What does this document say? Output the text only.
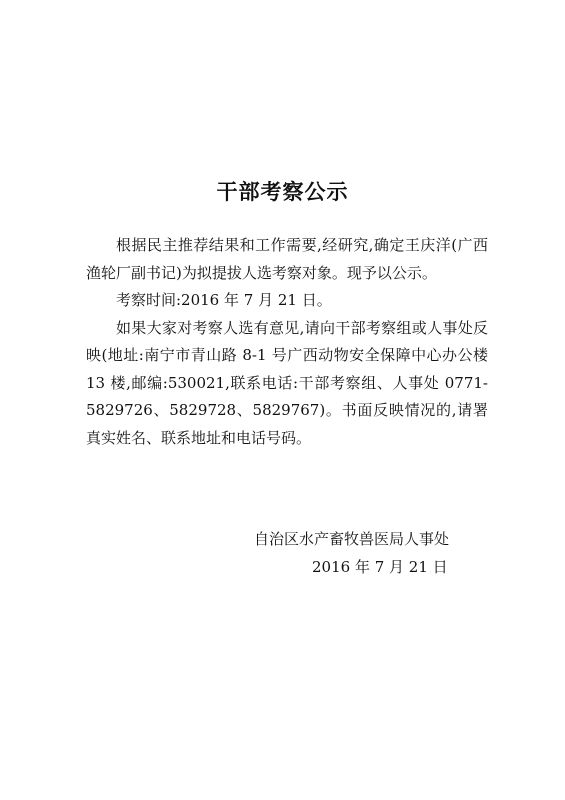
干部考察公示

根据民主推荐结果和工作需要,经研究,确定王庆洋(广西渔轮厂副书记)为拟提拔人选考察对象。现予以公示。

考察时间:2016 年 7 月 21 日。

如果大家对考察人选有意见,请向干部考察组或人事处反映(地址:南宁市青山路 8-1 号广西动物安全保障中心办公楼 13 楼,邮编:530021,联系电话:干部考察组、人事处 0771-5829726、5829728、5829767)。书面反映情况的,请署真实姓名、联系地址和电话号码。

自治区水产畜牧兽医局人事处
2016 年 7 月 21 日
